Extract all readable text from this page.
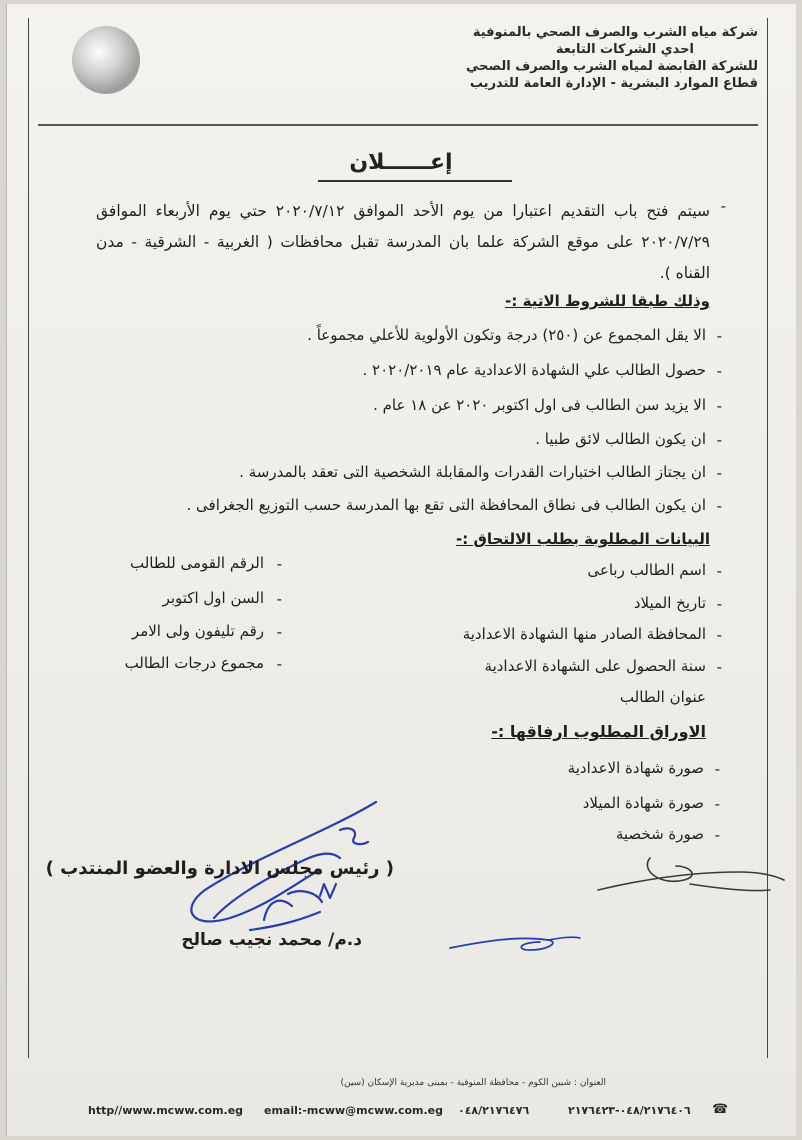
شركة مياه الشرب والصرف الصحي بالمنوفية
احدي الشركات التابعة
للشركة القابضة لمياه الشرب والصرف الصحي
قطاع الموارد البشرية - الإدارة العامة للتدريب
إعــــــلان
-
سيتم فتح باب التقديم اعتبارا من يوم الأحد الموافق ٢٠٢٠/٧/١٢ حتي يوم الأربعاء الموافق ٢٠٢٠/٧/٢٩ على موقع الشركة علما بان المدرسة تقبل محافظات ( الغربية - الشرقية - مدن القناه ).
وذلك طبقا للشروط الاتية :-
-
الا يقل المجموع عن (٢٥٠) درجة وتكون الأولوية للأعلي مجموعاً .
-
حصول الطالب علي الشهادة الاعدادية عام ٢٠٢٠/٢٠١٩ .
-
الا يزيد سن الطالب فى اول اكتوبر ٢٠٢٠ عن ١٨ عام .
-
ان يكون الطالب لائق طبيا .
-
ان يجتاز الطالب اختبارات القدرات والمقابلة الشخصية التى تعقد بالمدرسة .
-
ان يكون الطالب فى نطاق المحافظة التى تقع بها المدرسة حسب التوزيع الجغرافى .
البيانات المطلوبة بطلب الالتحاق :-
-
اسم الطالب رباعى
-
تاريخ الميلاد
-
المحافظة الصادر منها الشهادة الاعدادية
-
سنة الحصول على الشهادة الاعدادية
عنوان الطالب
-
الرقم القومى للطالب
-
السن اول اكتوبر
-
رقم تليفون ولى الامر
-
مجموع درجات الطالب
الاوراق المطلوب ارفاقها :-
-
صورة شهادة الاعدادية
-
صورة شهادة الميلاد
-
صورة شخصية
( رئيس مجلس الادارة والعضو المنتدب )
د.م/ محمد نجيب صالح
العنوان : شبين الكوم - محافظة المنوفية - بمبنى مديرية الإسكان (سين)
http//www.mcww.com.eg email:-mcww@mcww.com.eg ٠٤٨/٢١٧٦٤٧٦	٠٤٨/٢١٧٦٤٠٦-٢١٧٦٤٢٣ ☎
